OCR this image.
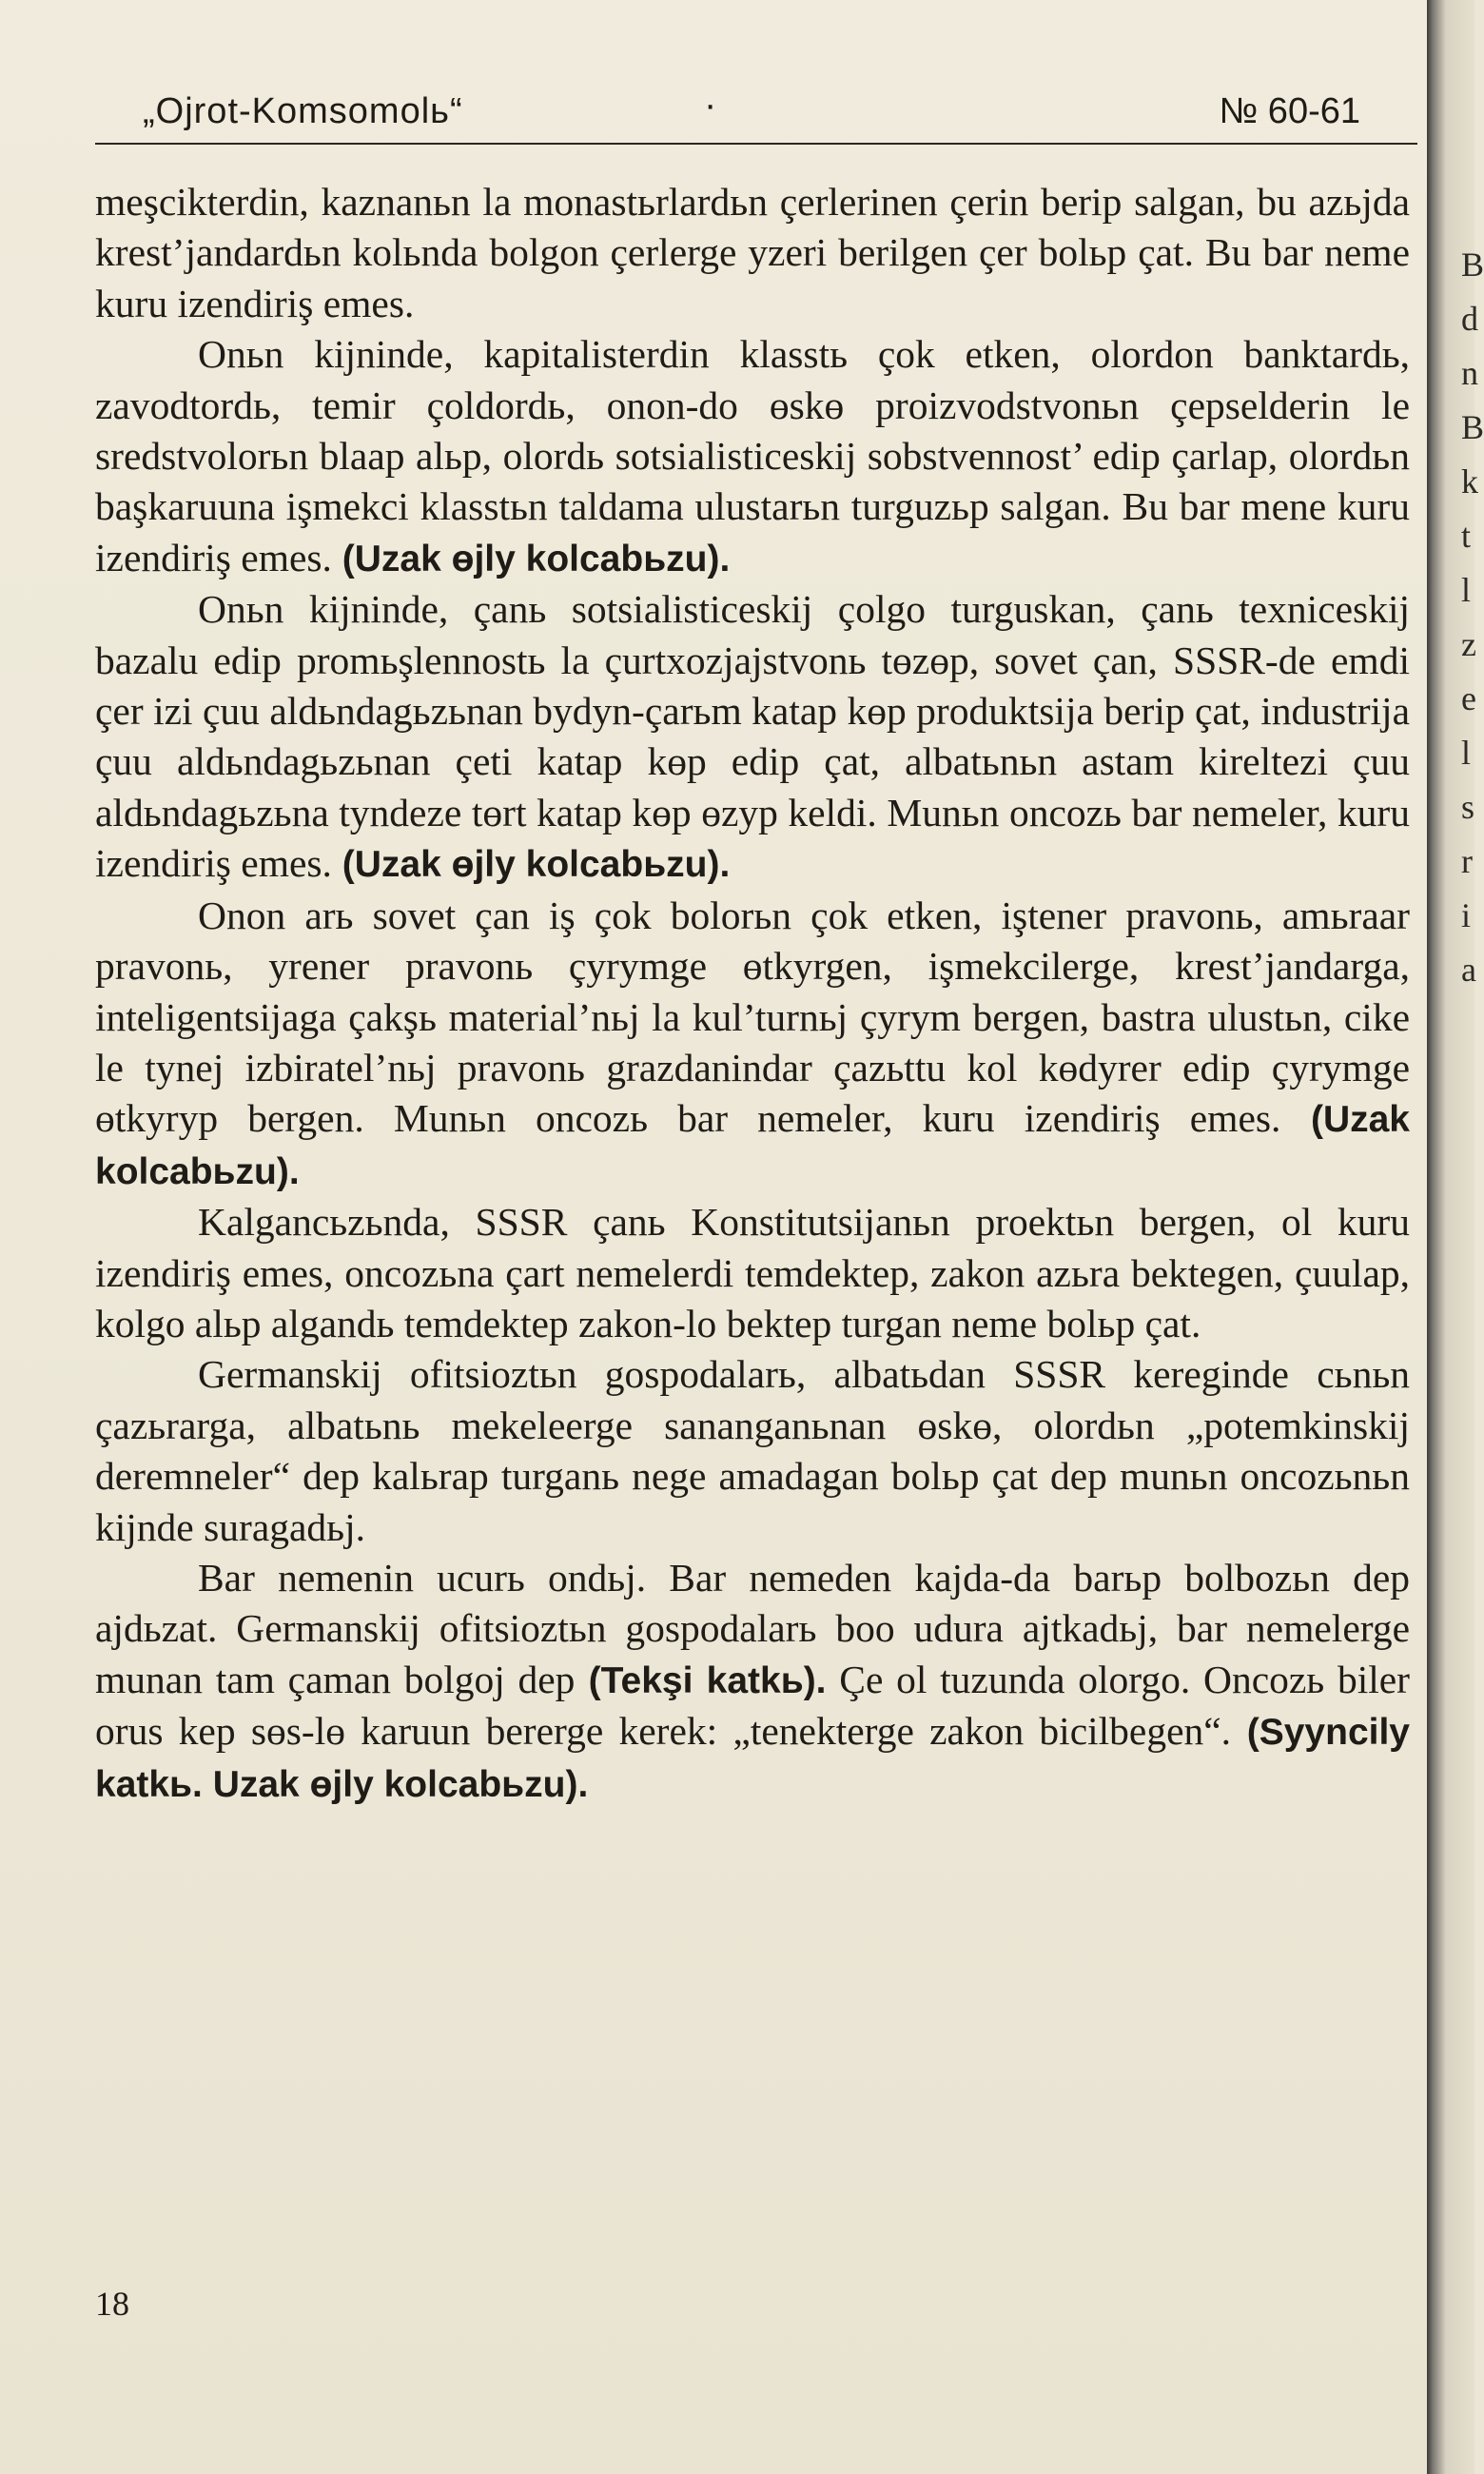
„Ojrot-Komsomolь“	·	№ 60-61

meşcikterdin, kaznanьn la monastьrlardьn çerlerinen çerin berip salgan, bu azьjda krest’jandardьn kolьnda bolgon çerlerge yzeri berilgen çer bolьp çat. Bu bar neme kuru izendiriş emes.

Onьn kijninde, kapitalisterdin klasstь çok etken, olordon banktardь, zavodtordь, temir çoldordь, onon-do өskө proizvodstvonьn çepselderin le sredstvolorьn blaap alьp, olordь sotsialisticeskij sobstvennost’ edip çarlap, olordьn başkaruuna işmekci klasstьn taldama ulustarьn turguzьp salgan. Bu bar mene kuru izendiriş emes. (Uzak өjly kolcabьzu).

Onьn kijninde, çanь sotsialisticeskij çolgo turguskan, çanь texniceskij bazalu edip promьşlennostь la çurtxozjajstvonь tөzөp, sovet çan, SSSR-de emdi çer izi çuu aldьndagьzьnan bydyn-çarьm katap kөp produktsija berip çat, industrija çuu aldьndagьzьnan çeti katap kөp edip çat, albatьnьn astam kireltezi çuu aldьndagьzьna tyndeze tөrt katap kөp өzyp keldi. Munьn oncozь bar nemeler, kuru izendiriş emes. (Uzak өjly kolcabьzu).

Onon arь sovet çan iş çok bolorьn çok etken, iştener pravonь, amьraar pravonь, yrener pravonь çyrymge өtkyrgen, işmekcilerge, krest’jandarga, inteligentsijaga çakşь material’nьj la kul’turnьj çyrym bergen, bastra ulustьn, cike le tynej izbiratel’nьj pravonь grazdanindar çazьttu kol kөdyrer edip çyrymge өtkyryp bergen. Munьn oncozь bar nemeler, kuru izendiriş emes. (Uzak kolcabьzu).

Kalgancьzьnda, SSSR çanь Konstitutsijanьn proektьn bergen, ol kuru izendiriş emes, oncozьna çart nemelerdi temdektep, zakon azьra bektegen, çuulap, kolgo alьp algandь temdektep zakon-lo bektep turgan neme bolьp çat.

Germanskij ofitsioztьn gospodalarь, albatьdan SSSR kereginde cьnьn çazьrarga, albatьnь mekeleerge sananganьnan өskө, olordьn „potemkinskij deremneler“ dep kalьrap turganь nege amadagan bolьp çat dep munьn oncozьnьn kijnde suragadьj.

Bar nemenin ucurь ondьj. Bar nemeden kajda-da barьp bolbozьn dep ajdьzat. Germanskij ofitsioztьn gospodalarь boo udura ajtkadьj, bar nemelerge munan tam çaman bolgoj dep (Tekşi katkь). Çe ol tuzunda olorgo. Oncozь biler orus kep sөs-lө karuun bererge kerek: „tenekterge zakon bicilbegen“. (Syyncily katkь. Uzak өjly kolcabьzu).

18
B
d
n
B
k
t
l
z
e
l
s
r
i
a
